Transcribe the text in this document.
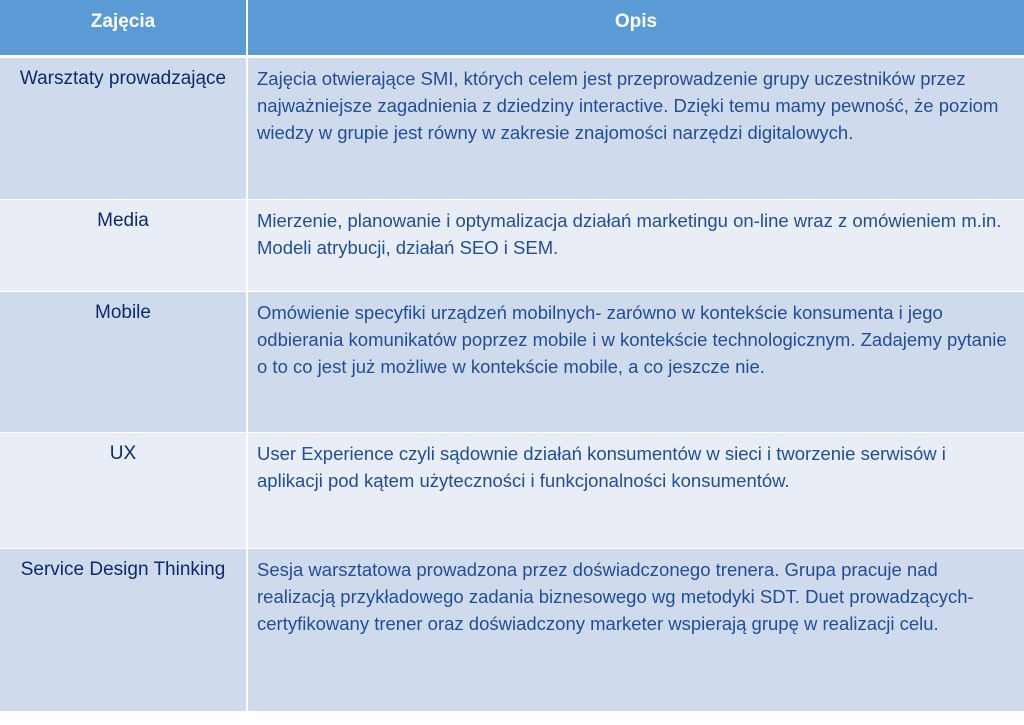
Zajęcia	Opis
Warsztaty prowadzające	Zajęcia otwierające SMI, których celem jest przeprowadzenie grupy uczestników przez najważniejsze zagadnienia z dziedziny interactive. Dzięki temu mamy pewność, że poziom wiedzy w grupie jest równy w zakresie znajomości narzędzi digitalowych.
Media	Mierzenie, planowanie i optymalizacja działań marketingu on-line wraz z omówieniem m.in. Modeli atrybucji, działań SEO i SEM.
Mobile	Omówienie specyfiki urządzeń mobilnych- zarówno w kontekście konsumenta i jego odbierania komunikatów poprzez mobile i w kontekście technologicznym. Zadajemy pytanie o to co jest już możliwe w kontekście mobile, a co jeszcze nie.
UX	User Experience czyli sądownie działań konsumentów w sieci i tworzenie serwisów i aplikacji pod kątem użyteczności i funkcjonalności konsumentów.
Service Design Thinking	Sesja warsztatowa prowadzona przez doświadczonego trenera. Grupa pracuje nad realizacją przykładowego zadania biznesowego wg metodyki SDT. Duet prowadzących-certyfikowany trener oraz doświadczony marketer wspierają grupę w realizacji celu.
